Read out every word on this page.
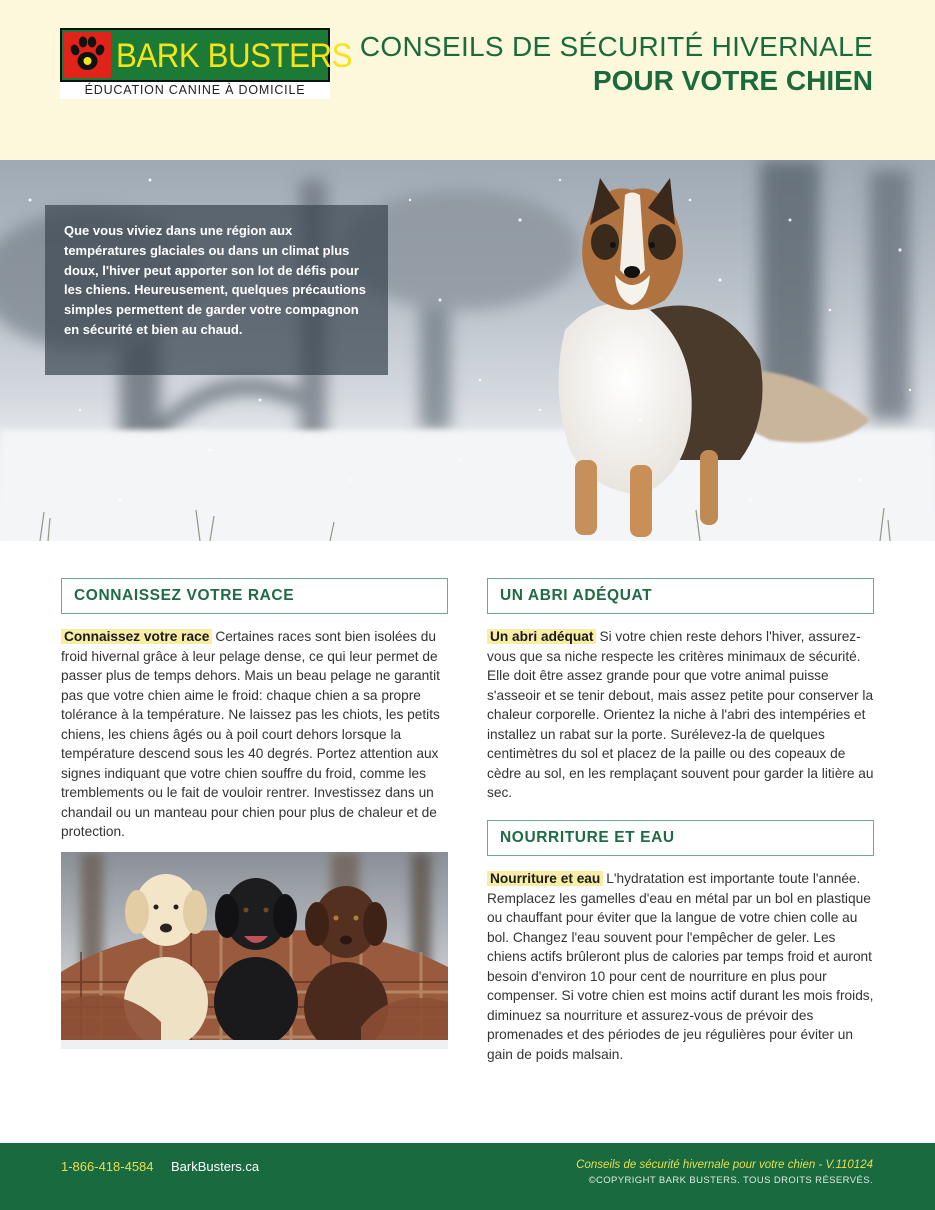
BARK BUSTERS
ÉDUCATION CANINE À DOMICILE
CONSEILS DE SÉCURITÉ HIVERNALE
POUR VOTRE CHIEN
Que vous viviez dans une région aux températures glaciales ou dans un climat plus doux, l'hiver peut apporter son lot de défis pour les chiens. Heureusement, quelques précautions simples permettent de garder votre compagnon en sécurité et bien au chaud.
CONNAISSEZ VOTRE RACE
Connaissez votre race Certaines races sont bien isolées du froid hivernal grâce à leur pelage dense, ce qui leur permet de passer plus de temps dehors. Mais un beau pelage ne garantit pas que votre chien aime le froid: chaque chien a sa propre tolérance à la température. Ne laissez pas les chiots, les petits chiens, les chiens âgés ou à poil court dehors lorsque la température descend sous les 40 degrés. Portez attention aux signes indiquant que votre chien souffre du froid, comme les tremblements ou le fait de vouloir rentrer. Investissez dans un chandail ou un manteau pour chien pour plus de chaleur et de protection.
UN ABRI ADÉQUAT
Un abri adéquat Si votre chien reste dehors l'hiver, assurez-vous que sa niche respecte les critères minimaux de sécurité. Elle doit être assez grande pour que votre animal puisse s'asseoir et se tenir debout, mais assez petite pour conserver la chaleur corporelle. Orientez la niche à l'abri des intempéries et installez un rabat sur la porte. Surélevez-la de quelques centimètres du sol et placez de la paille ou des copeaux de cèdre au sol, en les remplaçant souvent pour garder la litière au sec.
NOURRITURE ET EAU
Nourriture et eau L'hydratation est importante toute l'année. Remplacez les gamelles d'eau en métal par un bol en plastique ou chauffant pour éviter que la langue de votre chien colle au bol. Changez l'eau souvent pour l'empêcher de geler. Les chiens actifs brûleront plus de calories par temps froid et auront besoin d'environ 10 pour cent de nourriture en plus pour compenser. Si votre chien est moins actif durant les mois froids, diminuez sa nourriture et assurez-vous de prévoir des promenades et des périodes de jeu régulières pour éviter un gain de poids malsain.
1-866-418-4584 BarkBusters.ca	Conseils de sécurité hivernale pour votre chien - V.110124
©COPYRIGHT BARK BUSTERS. TOUS DROITS RÉSERVÉS.
